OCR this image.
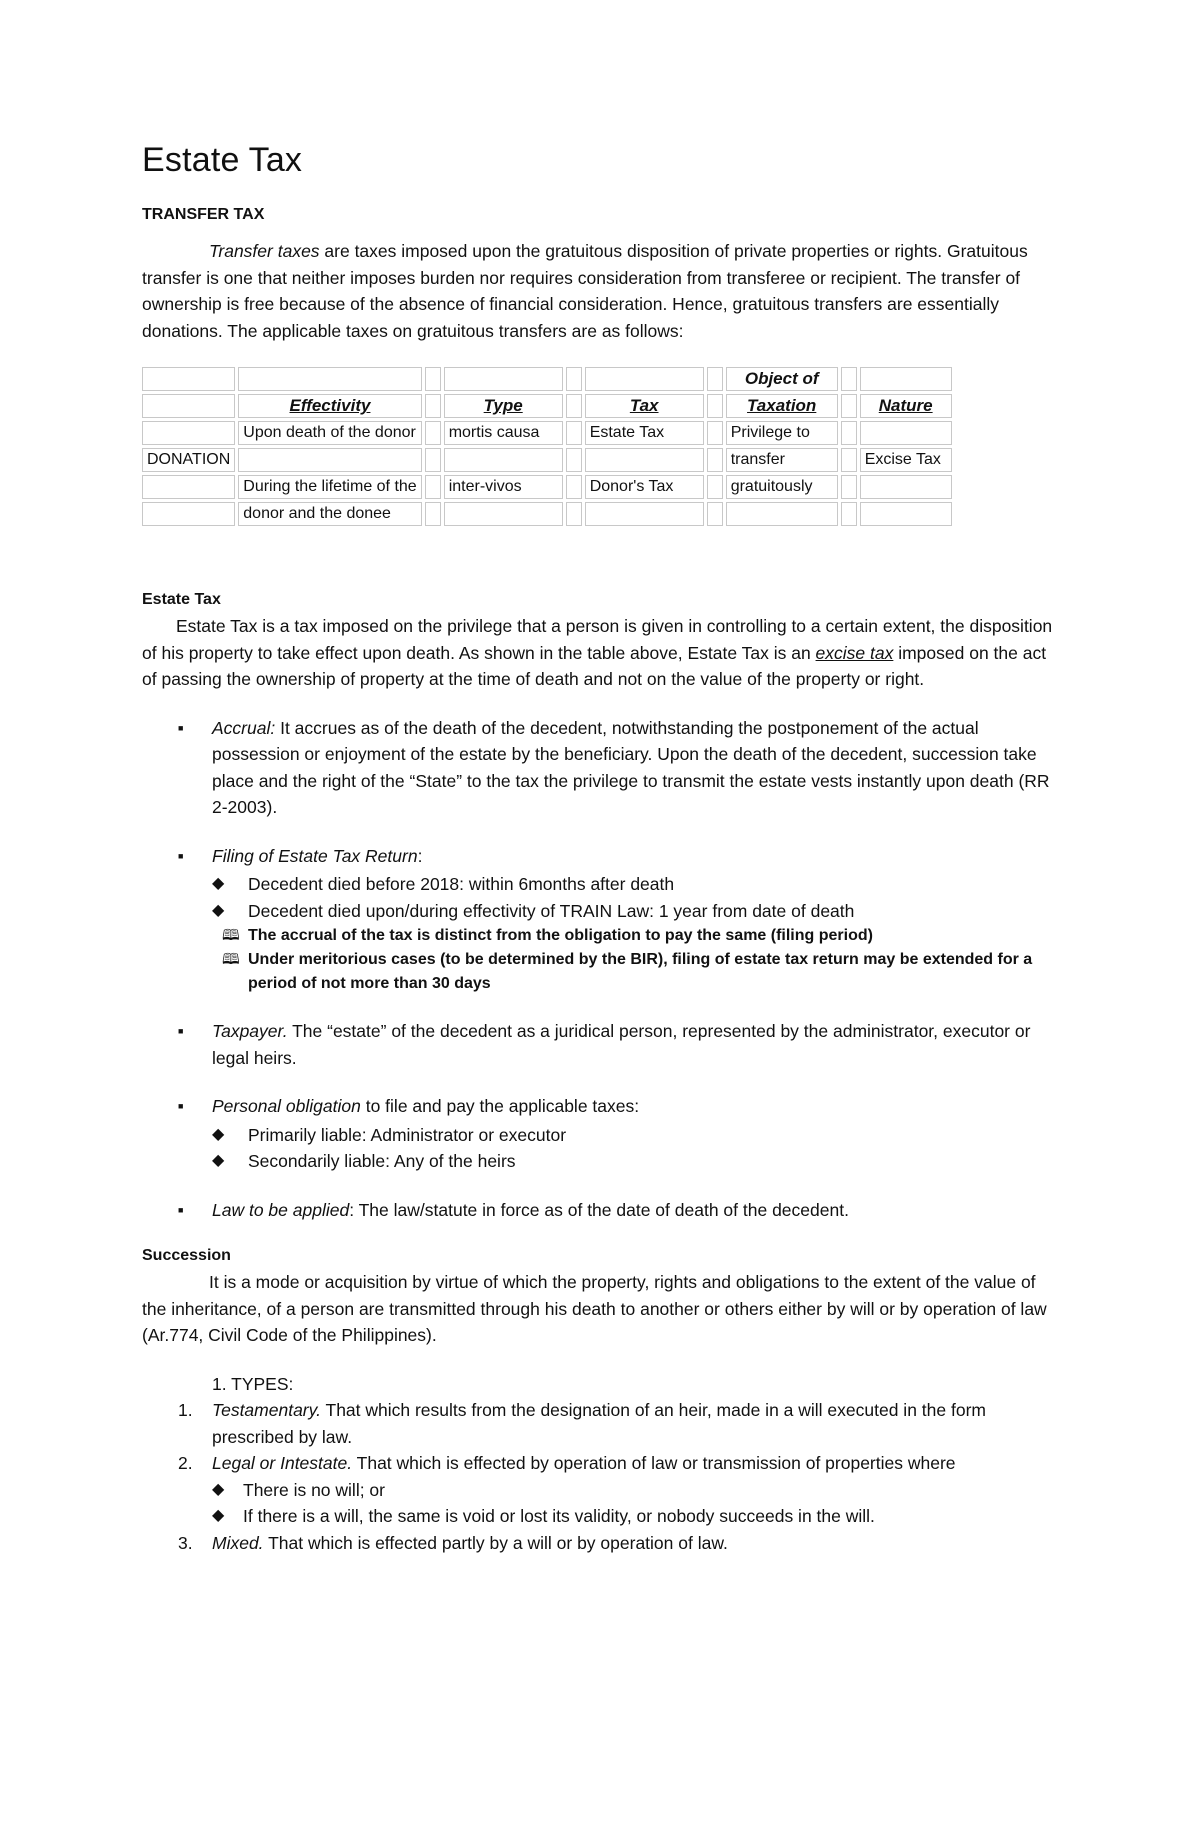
Estate Tax
TRANSFER TAX

Transfer taxes are taxes imposed upon the gratuitous disposition of private properties or rights. Gratuitous transfer is one that neither imposes burden nor requires consideration from transferee or recipient. The transfer of ownership is free because of the absence of financial consideration. Hence, gratuitous transfers are essentially donations. The applicable taxes on gratuitous transfers are as follows:

							Object of		
	Effectivity		Type		Tax		Taxation		Nature
	Upon death of the donor		mortis causa		Estate Tax		Privilege to		
DONATION							transfer		Excise Tax
	During the lifetime of the		inter-vivos		Donor's Tax		gratuitously		
	donor and the donee								
Estate Tax

Estate Tax is a tax imposed on the privilege that a person is given in controlling to a certain extent, the disposition of his property to take effect upon death. As shown in the table above, Estate Tax is an excise tax imposed on the act of passing the ownership of property at the time of death and not on the value of the property or right.

■ Accrual: It accrues as of the death of the decedent, notwithstanding the postponement of the actual possession or enjoyment of the estate by the beneficiary. Upon the death of the decedent, succession take place and the right of the “State” to the tax the privilege to transmit the estate vests instantly upon death (RR 2-2003).
■ Filing of Estate Tax Return:
◆ Decedent died before 2018: within 6months after death
◆ Decedent died upon/during effectivity of TRAIN Law: 1 year from date of death
🕮 The accrual of the tax is distinct from the obligation to pay the same (filing period)
🕮 Under meritorious cases (to be determined by the BIR), filing of estate tax return may be extended for a period of not more than 30 days
■ Taxpayer. The “estate” of the decedent as a juridical person, represented by the administrator, executor or legal heirs.
■ Personal obligation to file and pay the applicable taxes:
◆ Primarily liable: Administrator or executor
◆ Secondarily liable: Any of the heirs
■ Law to be applied: The law/statute in force as of the date of death of the decedent.
Succession

It is a mode or acquisition by virtue of which the property, rights and obligations to the extent of the value of the inheritance, of a person are transmitted through his death to another or others either by will or by operation of law (Ar.774, Civil Code of the Philippines).

1. TYPES:
1. Testamentary. That which results from the designation of an heir, made in a will executed in the form prescribed by law.
2. Legal or Intestate. That which is effected by operation of law or transmission of properties where
◆ There is no will; or
◆ If there is a will, the same is void or lost its validity, or nobody succeeds in the will.
3. Mixed. That which is effected partly by a will or by operation of law.
